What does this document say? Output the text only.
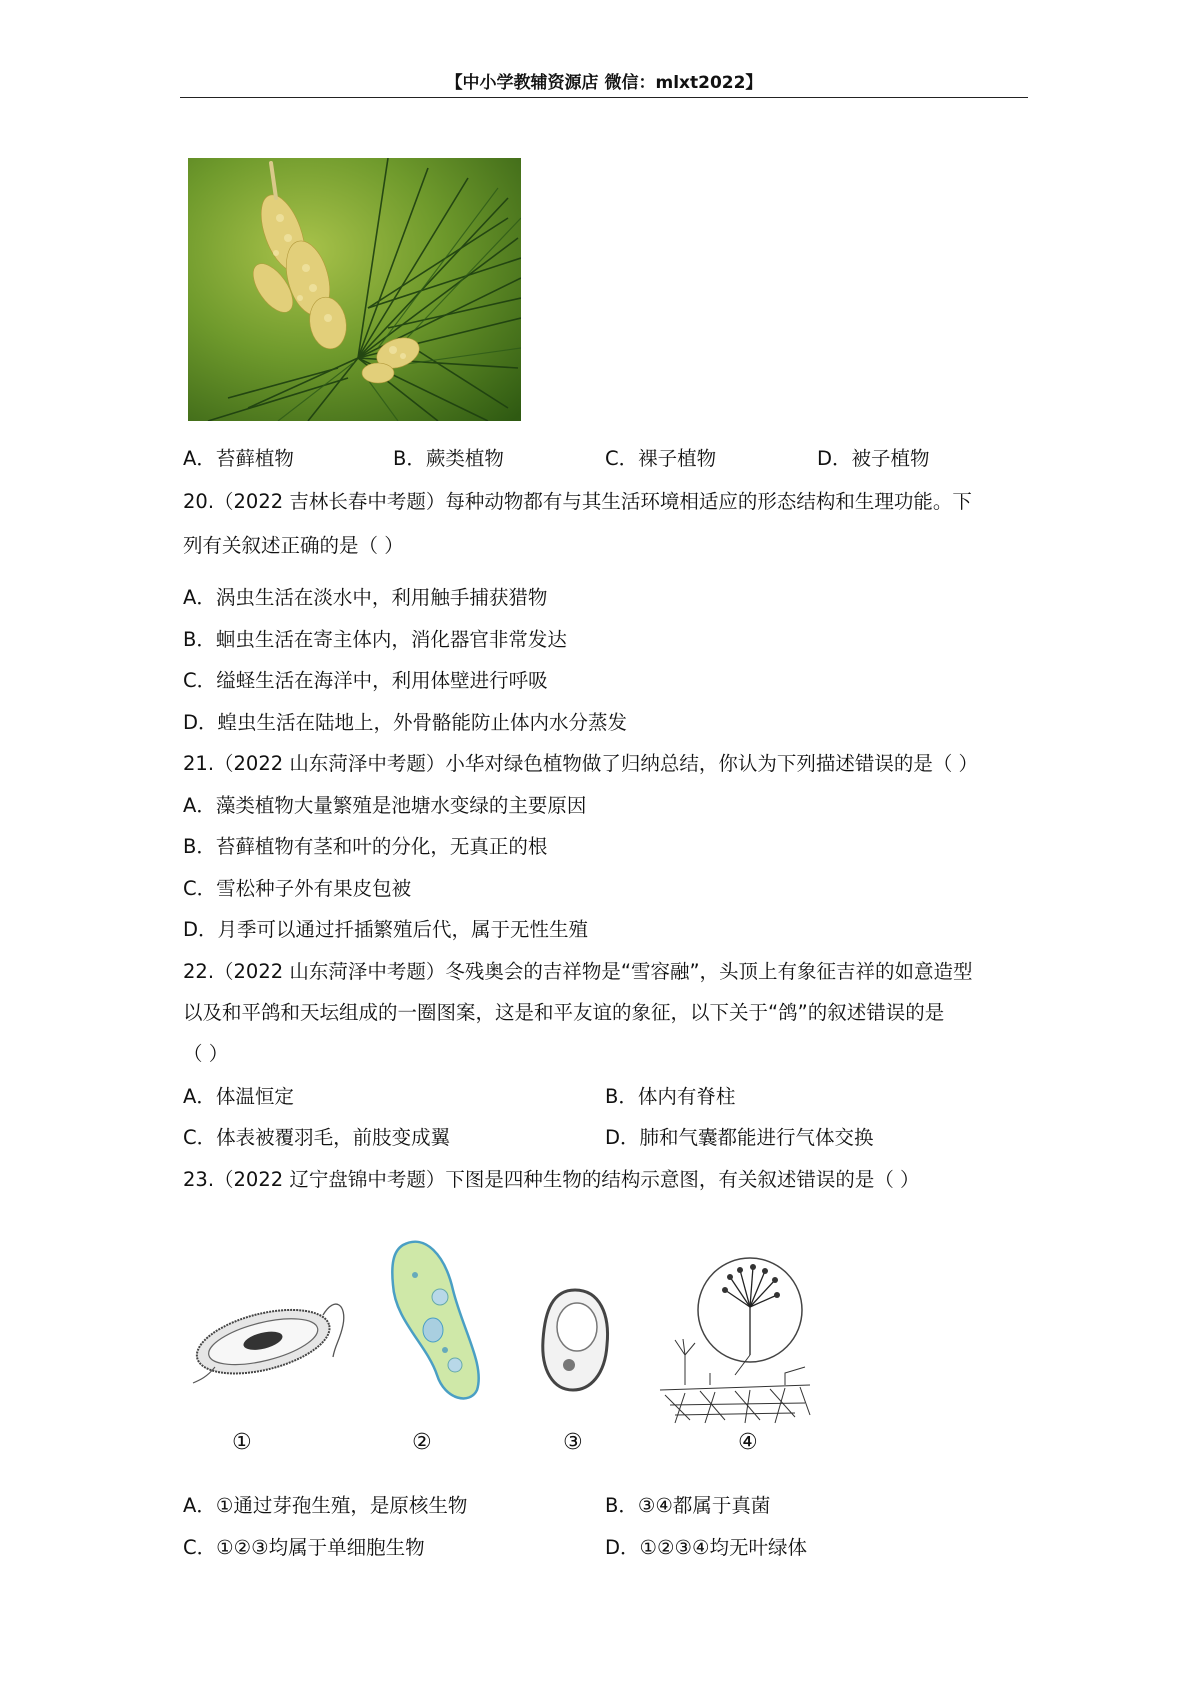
【中小学教辅资源店 微信：mlxt2022】
A．苔藓植物	B．蕨类植物	C．裸子植物	D．被子植物
20.（2022 吉林长春中考题）每种动物都有与其生活环境相适应的形态结构和生理功能。下
列有关叙述正确的是（ ）
A．涡虫生活在淡水中，利用触手捕获猎物
B．蛔虫生活在寄主体内，消化器官非常发达
C．缢蛏生活在海洋中，利用体壁进行呼吸
D．蝗虫生活在陆地上，外骨骼能防止体内水分蒸发
21.（2022 山东菏泽中考题）小华对绿色植物做了归纳总结，你认为下列描述错误的是（ ）
A．藻类植物大量繁殖是池塘水变绿的主要原因
B．苔藓植物有茎和叶的分化，无真正的根
C．雪松种子外有果皮包被
D．月季可以通过扦插繁殖后代，属于无性生殖
22.（2022 山东菏泽中考题）冬残奥会的吉祥物是“雪容融”，头顶上有象征吉祥的如意造型
以及和平鸽和天坛组成的一圈图案，这是和平友谊的象征，以下关于“鸽”的叙述错误的是
（ ）
A．体温恒定	B．体内有脊柱
C．体表被覆羽毛，前肢变成翼	D．肺和气囊都能进行气体交换
23.（2022 辽宁盘锦中考题）下图是四种生物的结构示意图，有关叙述错误的是（ ）
①	②	③	④
A．①通过芽孢生殖，是原核生物	B．③④都属于真菌
C．①②③均属于单细胞生物	D．①②③④均无叶绿体
